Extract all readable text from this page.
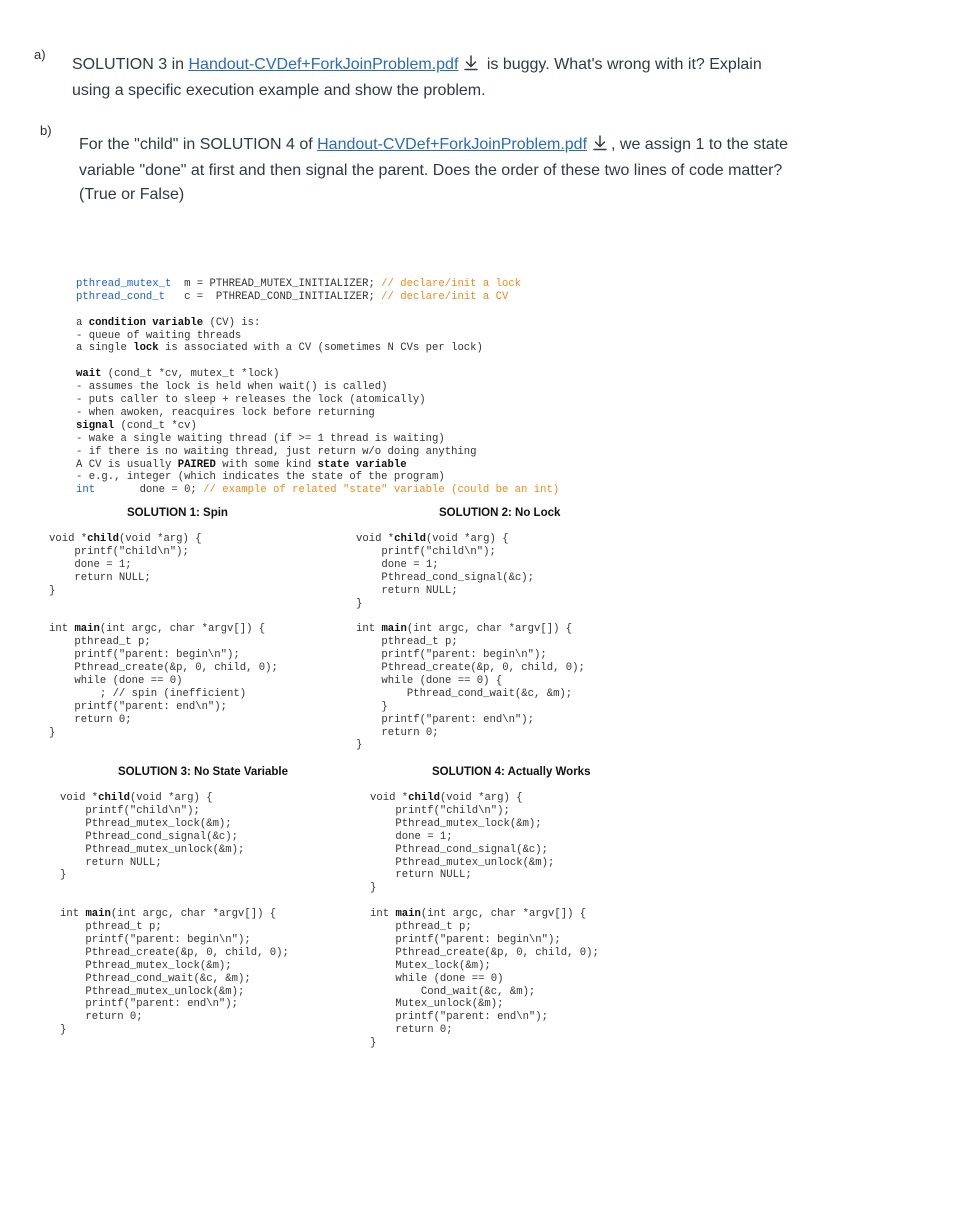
a)
SOLUTION 3 in Handout-CVDef+ForkJoinProblem.pdf is buggy. What's wrong with it? Explain
using a specific execution example and show the problem.
b)
For the "child" in SOLUTION 4 of Handout-CVDef+ForkJoinProblem.pdf , we assign 1 to the state
variable "done" at first and then signal the parent. Does the order of these two lines of code matter?
(True or False)

pthread_mutex_t m = PTHREAD_MUTEX_INITIALIZER; // declare/init a lock
pthread_cond_t c =  PTHREAD_COND_INITIALIZER; // declare/init a CV
a condition variable (CV) is:
- queue of waiting threads
a single lock is associated with a CV (sometimes N CVs per lock)
wait (cond_t *cv, mutex_t *lock)
- assumes the lock is held when wait() is called)
- puts caller to sleep + releases the lock (atomically)
- when awoken, reacquires lock before returning
signal (cond_t *cv)
- wake a single waiting thread (if >= 1 thread is waiting)
- if there is no waiting thread, just return w/o doing anything
A CV is usually PAIRED with some kind state variable
- e.g., integer (which indicates the state of the program)
int       done = 0; // example of related "state" variable (could be an int)

SOLUTION 1: Spin	SOLUTION 2: No Lock
SOLUTION 3: No State Variable	SOLUTION 4: Actually Works
void *child(void *arg) {
printf("child\n");
done = 1;
return NULL;
}
int main(int argc, char *argv[]) {
pthread_t p;
printf("parent: begin\n");
Pthread_create(&p, 0, child, 0);
while (done == 0)
; // spin (inefficient)
printf("parent: end\n");
return 0;
}
void *child(void *arg) {
printf("child\n");
done = 1;
Pthread_cond_signal(&c);
return NULL;
}
int main(int argc, char *argv[]) {
pthread_t p;
printf("parent: begin\n");
Pthread_create(&p, 0, child, 0);
while (done == 0) {
Pthread_cond_wait(&c, &m);
}
printf("parent: end\n");
return 0;
}
void *child(void *arg) {
printf("child\n");
Pthread_mutex_lock(&m);
Pthread_cond_signal(&c);
Pthread_mutex_unlock(&m);
return NULL;
}
int main(int argc, char *argv[]) {
pthread_t p;
printf("parent: begin\n");
Pthread_create(&p, 0, child, 0);
Pthread_mutex_lock(&m);
Pthread_cond_wait(&c, &m);
Pthread_mutex_unlock(&m);
printf("parent: end\n");
return 0;
}
void *child(void *arg) {
printf("child\n");
Pthread_mutex_lock(&m);
done = 1;
Pthread_cond_signal(&c);
Pthread_mutex_unlock(&m);
return NULL;
}
int main(int argc, char *argv[]) {
pthread_t p;
printf("parent: begin\n");
Pthread_create(&p, 0, child, 0);
Mutex_lock(&m);
while (done == 0)
Cond_wait(&c, &m);
Mutex_unlock(&m);
printf("parent: end\n");
return 0;
}
